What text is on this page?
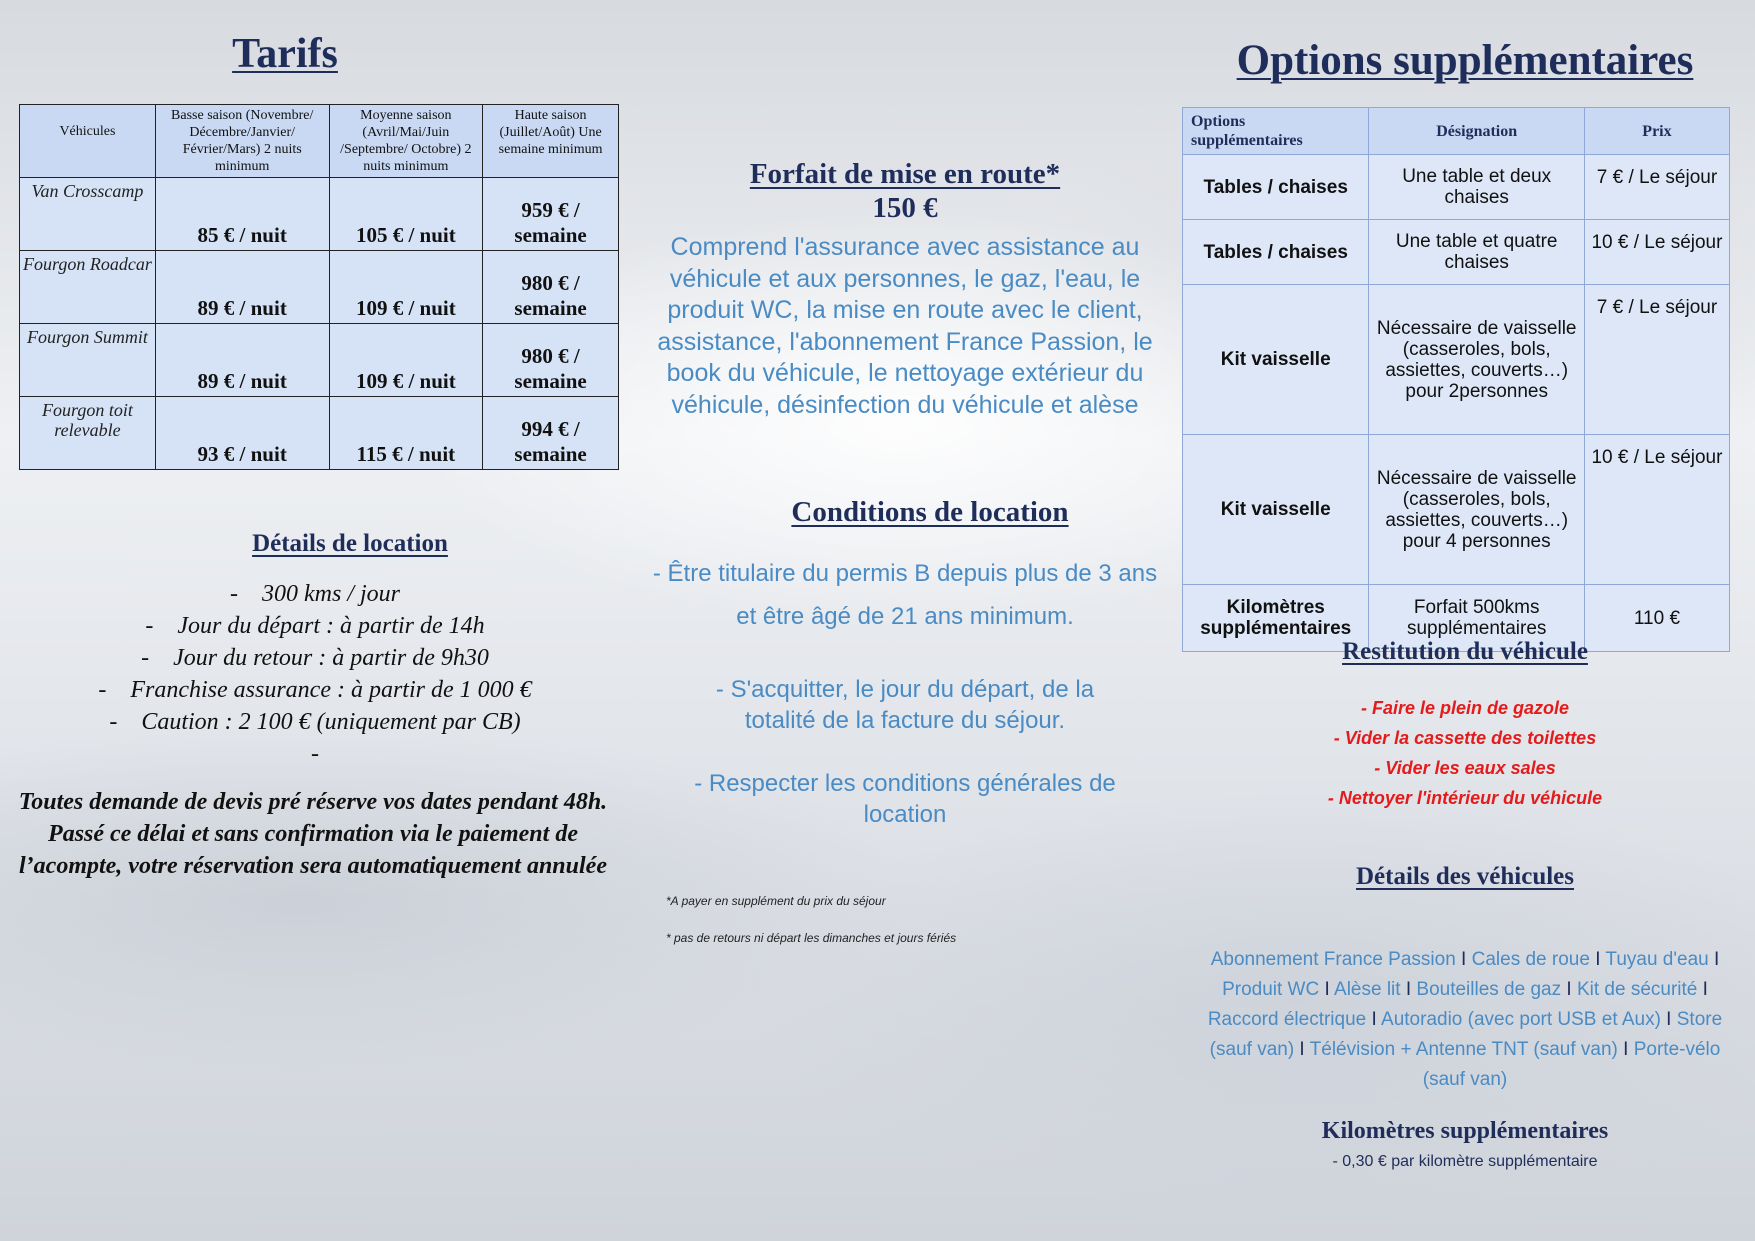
Tarifs
Véhicules	Basse saison (Novembre/ Décembre/Janvier/ Février/Mars) 2 nuits minimum	Moyenne saison (Avril/Mai/Juin /Septembre/ Octobre) 2 nuits minimum	Haute saison (Juillet/Août) Une semaine minimum
Van Crosscamp	85 € / nuit	105 € / nuit	959 € / semaine
Fourgon Roadcar	89 € / nuit	109 € / nuit	980 € / semaine
Fourgon Summit	89 € / nuit	109 € / nuit	980 € / semaine
Fourgon toit relevable	93 € / nuit	115 € / nuit	994 € / semaine
Détails de location
-    300 kms / jour
-    Jour du départ : à partir de 14h
-    Jour du retour : à partir de 9h30
-    Franchise assurance : à partir de 1 000 €
-    Caution : 2 100 € (uniquement par CB)
-
Toutes demande de devis pré réserve vos dates pendant 48h. Passé ce délai et sans confirmation via le paiement de l’acompte, votre réservation sera automatiquement annulée
Forfait de mise en route*
150 €
Comprend l'assurance avec assistance au véhicule et aux personnes, le gaz, l'eau, le produit WC, la mise en route avec le client, assistance, l'abonnement France Passion, le book du véhicule, le nettoyage extérieur du véhicule, désinfection du véhicule et alèse
Conditions de location
- Être titulaire du permis B depuis plus de 3 ans et être âgé de 21 ans minimum.
- S'acquitter, le jour du départ, de la totalité de la facture du séjour.
- Respecter les conditions générales de location
*A payer en supplément du prix du séjour
* pas de retours ni départ les dimanches et jours fériés
Options supplémentaires
Options supplémentaires	Désignation	Prix
Tables / chaises	Une table et deux chaises	7 € / Le séjour
Tables / chaises	Une table et quatre chaises	10 € / Le séjour
Kit vaisselle	Nécessaire de vaisselle (casseroles, bols, assiettes, couverts…) pour 2personnes	7 € / Le séjour
Kit vaisselle	Nécessaire de vaisselle (casseroles, bols, assiettes, couverts…) pour 4 personnes	10 € / Le séjour
Kilomètres supplémentaires	Forfait 500kms supplémentaires	110 €
Restitution du véhicule
- Faire le plein de gazole
- Vider la cassette des toilettes
- Vider les eaux sales
- Nettoyer l'intérieur du véhicule
Détails des véhicules
Abonnement France Passion I Cales de roue I Tuyau d'eau I Produit WC I Alèse lit I Bouteilles de gaz I Kit de sécurité I Raccord électrique I Autoradio (avec port USB et Aux) I Store (sauf van) I Télévision + Antenne TNT (sauf van) I Porte-vélo (sauf van)
Kilomètres supplémentaires
- 0,30 € par kilomètre supplémentaire
